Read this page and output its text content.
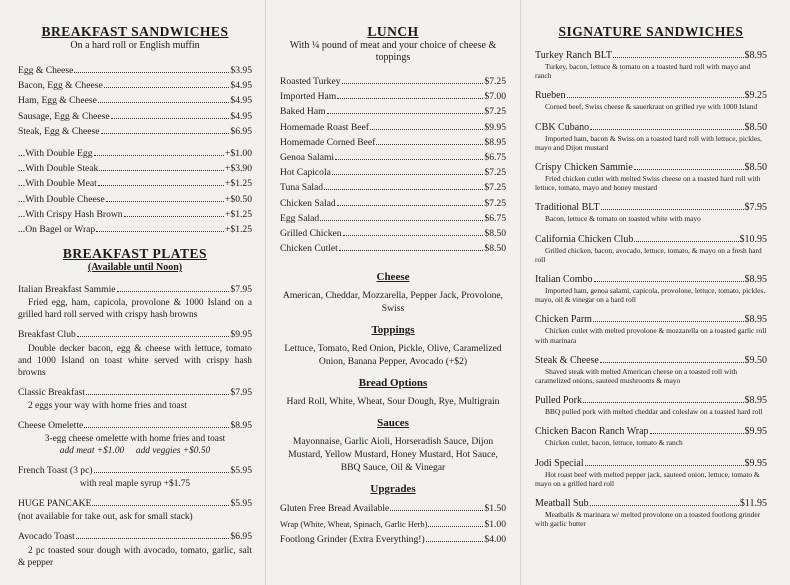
BREAKFAST SANDWICHES
On a hard roll or English muffin
Egg & Cheese	$3.95
Bacon, Egg & Cheese	$4.95
Ham, Egg & Cheese	$4.95
Sausage, Egg & Cheese	$4.95
Steak, Egg & Cheese	$6.95
...With Double Egg	+$1.00
...With Double Steak	+$3.90
...With Double Meat	+$1.25
...With Double Cheese	+$0.50
...With Crispy Hash Brown	+$1.25
...On Bagel or Wrap	+$1.25
BREAKFAST PLATES
(Available until Noon)
Italian Breakfast Sammie	$7.95
Fried egg, ham, capicola, provolone & 1000 Island on a grilled hard roll served with crispy hash browns
Breakfast Club	$9.95
Double decker bacon, egg & cheese with lettuce, tomato and 1000 Island on toast white served with crispy hash browns
Classic Breakfast	$7.95
2 eggs your way with home fries and toast
Cheese Omelette	$8.95
3-egg cheese omelette with home fries and toast
add meat +$1.00     add veggies +$0.50
French Toast (3 pc)	$5.95
with real maple syrup +$1.75
HUGE PANCAKE	$5.95
(not available for take out, ask for small stack)
Avocado Toast	$6.95
2 pc toasted sour dough with avocado, tomato, garlic, salt & pepper
LUNCH
With ¼ pound of meat and your choice of cheese & toppings
Roasted Turkey	$7.25
Imported Ham	$7.00
Baked Ham	$7.25
Homemade Roast Beef	$9.95
Homemade Corned Beef	$8.95
Genoa Salami	$6.75
Hot Capicola	$7.25
Tuna Salad	$7.25
Chicken Salad	$7.25
Egg Salad	$6.75
Grilled Chicken	$8.50
Chicken Cutlet	$8.50
Cheese
American, Cheddar, Mozzarella, Pepper Jack, Provolone, Swiss
Toppings
Lettuce, Tomato, Red Onion, Pickle, Olive, Caramelized Onion, Banana Pepper, Avocado (+$2)
Bread Options
Hard Roll, White, Wheat, Sour Dough, Rye, Multigrain
Sauces
Mayonnaise, Garlic Aioli, Horseradish Sauce, Dijon Mustard, Yellow Mustard, Honey Mustard, Hot Sauce, BBQ Sauce, Oil & Vinegar
Upgrades
Gluten Free Bread Available	$1.50
Wrap (White, Wheat, Spinach, Garlic Herb)	$1.00
Footlong Grinder (Extra Everything!)	$4.00
SIGNATURE SANDWICHES
Turkey Ranch BLT	$8.95
Turkey, bacon, lettuce & tomato on a toasted hard roll with mayo and ranch
Rueben	$9.25
Corned beef, Swiss cheese & sauerkraut on grilled rye with 1000 Island
CBK Cubano	$8.50
Imported ham, bacon & Swiss on a toasted hard roll with lettuce, pickles, mayo and Dijon mustard
Crispy Chicken Sammie	$8.50
Fried chicken cutlet with melted Swiss cheese on a toasted hard roll with lettuce, tomato, mayo and honey mustard
Traditional BLT	$7.95
Bacon, lettuce & tomato on toasted white with mayo
California Chicken Club	$10.95
Grilled chicken, bacon, avocado, lettuce, tomato, & mayo on a fresh hard roll
Italian Combo	$8.95
Imported ham, genoa salami, capicola, provolone, lettuce, tomato, pickles, mayo, oil & vinegar on a hard roll
Chicken Parm	$8.95
Chicken cutlet with melted provolone & mozzarella on a toasted garlic roll with marinara
Steak & Cheese	$9.50
Shaved steak with melted American cheese on a toasted roll with caramelized onions, sauteed mushrooms & mayo
Pulled Pork	$8.95
BBQ pulled pork with melted cheddar and coleslaw on a toasted hard roll
Chicken Bacon Ranch Wrap	$9.95
Chicken cutlet, bacon, lettuce, tomato & ranch
Jodi Special	$9.95
Hot roast beef with melted pepper jack, sauteed onion, lettuce, tomato & mayo on a grilled hard roll
Meatball Sub	$11.95
Meatballs & marinara w/ melted provolone on a toasted footlong grinder with garlic butter
